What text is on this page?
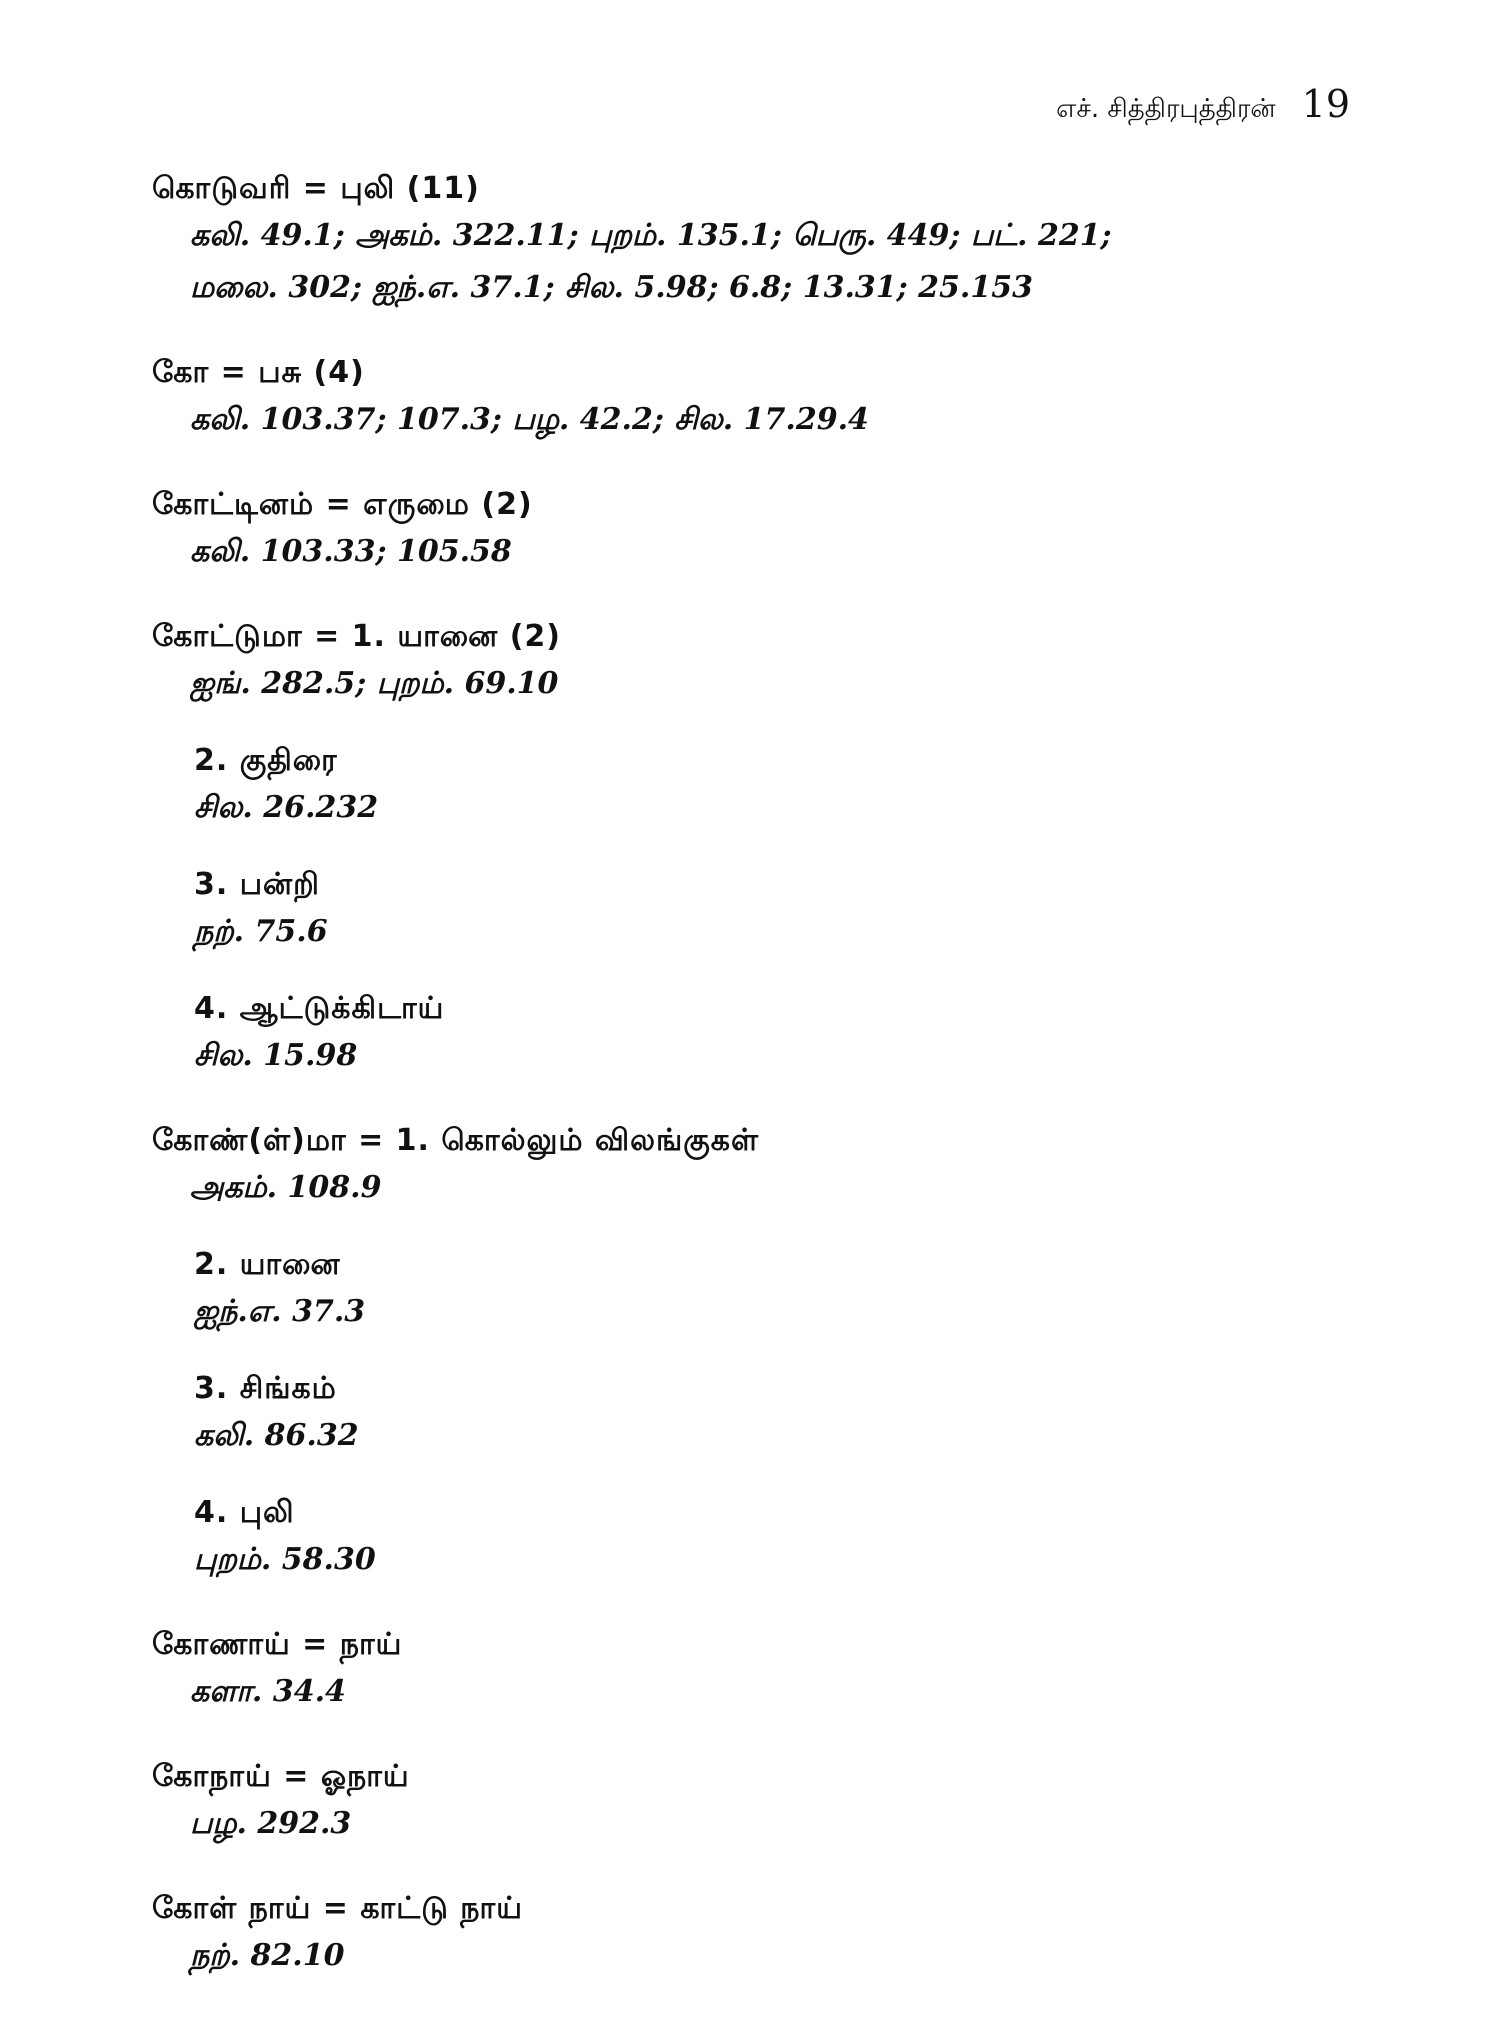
எச். சித்திரபுத்திரன் 19
கொடுவரி = புலி (11)
கலி. 49.1; அகம். 322.11; புறம். 135.1; பெரு. 449; பட். 221;
மலை. 302; ஐந்.எ. 37.1; சில. 5.98; 6.8; 13.31; 25.153
கோ = பசு (4)
கலி. 103.37; 107.3; பழ. 42.2; சில. 17.29.4
கோட்டினம் = எருமை (2)
கலி. 103.33; 105.58
கோட்டுமா = 1. யானை (2)
ஐங். 282.5; புறம். 69.10
2. குதிரை
சில. 26.232
3. பன்றி
நற். 75.6
4. ஆட்டுக்கிடாய்
சில. 15.98
கோண்(ள்)மா = 1. கொல்லும் விலங்குகள்
அகம். 108.9
2. யானை
ஐந்.எ. 37.3
3. சிங்கம்
கலி. 86.32
4. புலி
புறம். 58.30
கோணாய் = நாய்
களா. 34.4
கோநாய் = ஓநாய்
பழ. 292.3
கோள் நாய் = காட்டு நாய்
நற். 82.10
